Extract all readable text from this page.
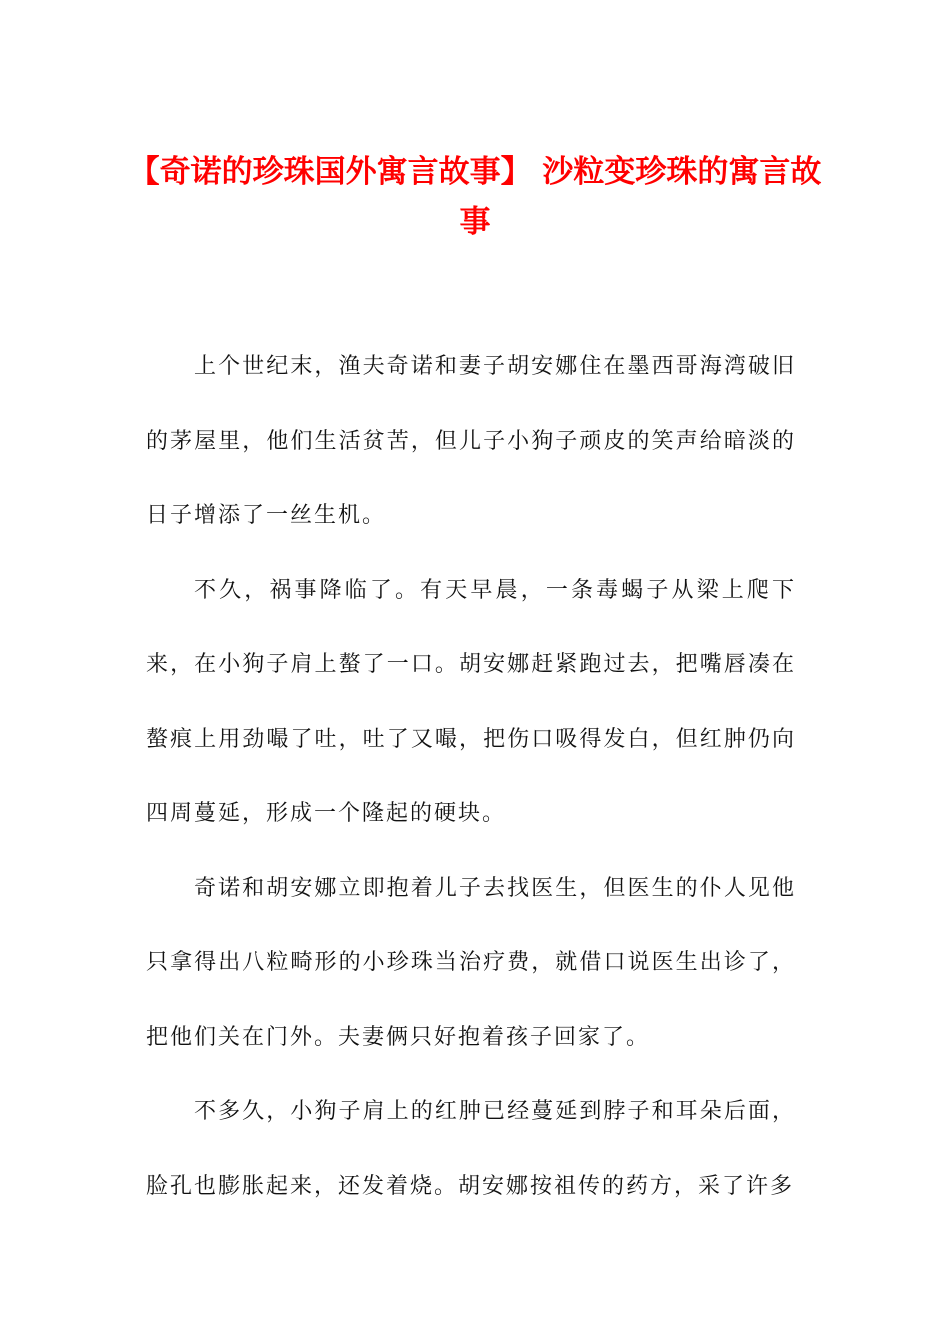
【奇诺的珍珠国外寓言故事】 沙粒变珍珠的寓言故事

上个世纪末，渔夫奇诺和妻子胡安娜住在墨西哥海湾破旧的茅屋里，他们生活贫苦，但儿子小狗子顽皮的笑声给暗淡的日子增添了一丝生机。

不久，祸事降临了。有天早晨，一条毒蝎子从梁上爬下来，在小狗子肩上螯了一口。胡安娜赶紧跑过去，把嘴唇凑在螯痕上用劲嘬了吐，吐了又嘬，把伤口吸得发白，但红肿仍向四周蔓延，形成一个隆起的硬块。

奇诺和胡安娜立即抱着儿子去找医生，但医生的仆人见他只拿得出八粒畸形的小珍珠当治疗费，就借口说医生出诊了，把他们关在门外。夫妻俩只好抱着孩子回家了。

不多久，小狗子肩上的红肿已经蔓延到脖子和耳朵后面，脸孔也膨胀起来，还发着烧。胡安娜按祖传的药方，采了许多
